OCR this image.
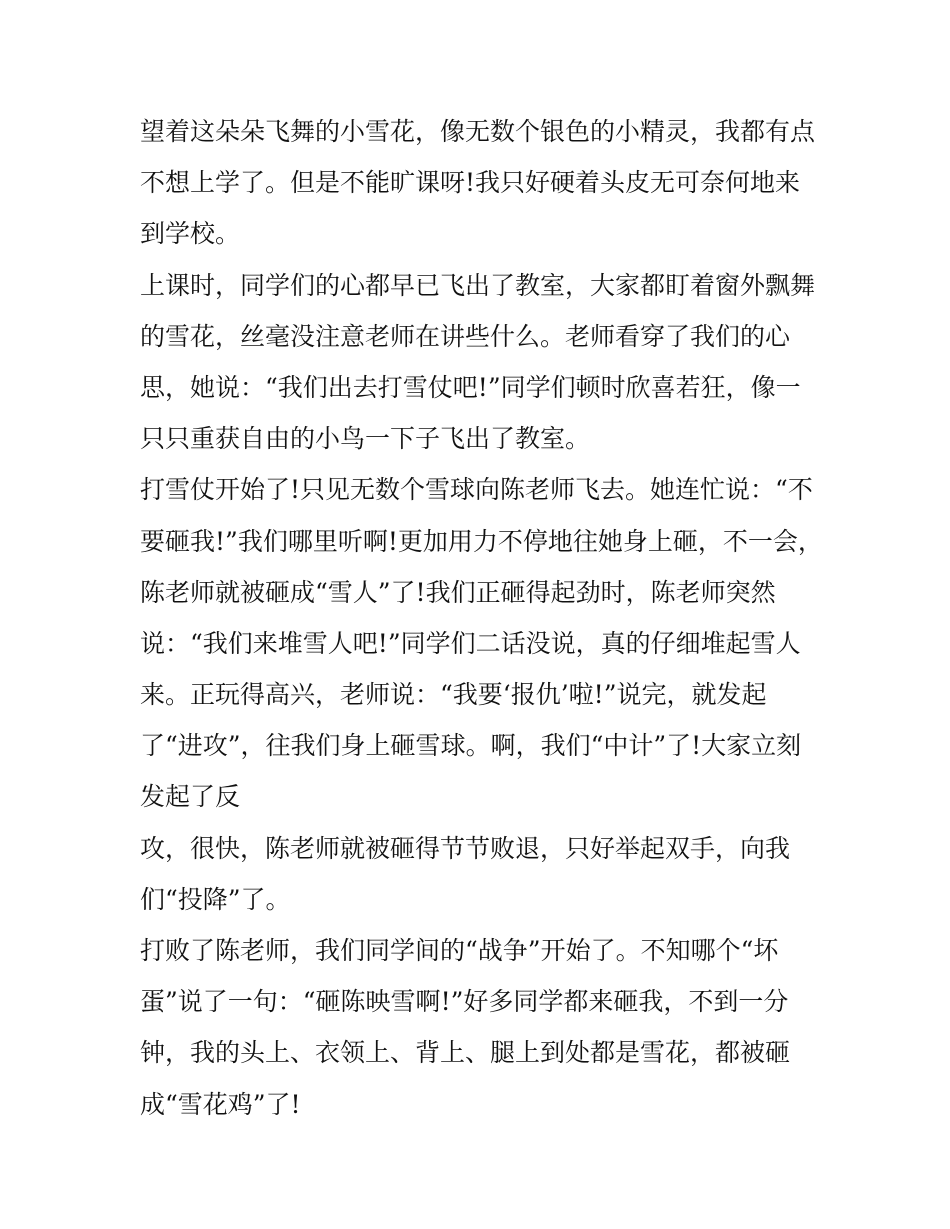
望着这朵朵飞舞的小雪花，像无数个银色的小精灵，我都有点
不想上学了。但是不能旷课呀!我只好硬着头皮无可奈何地来
到学校。
上课时，同学们的心都早已飞出了教室，大家都盯着窗外飘舞
的雪花，丝毫没注意老师在讲些什么。老师看穿了我们的心
思，她说：“我们出去打雪仗吧!”同学们顿时欣喜若狂，像一
只只重获自由的小鸟一下子飞出了教室。
打雪仗开始了!只见无数个雪球向陈老师飞去。她连忙说：“不
要砸我!”我们哪里听啊!更加用力不停地往她身上砸，不一会，
陈老师就被砸成“雪人”了!我们正砸得起劲时，陈老师突然
说：“我们来堆雪人吧!”同学们二话没说，真的仔细堆起雪人
来。正玩得高兴，老师说：“我要‘报仇’啦!”说完，就发起
了“进攻”，往我们身上砸雪球。啊，我们“中计”了!大家立刻
发起了反
攻，很快，陈老师就被砸得节节败退，只好举起双手，向我
们“投降”了。
打败了陈老师，我们同学间的“战争”开始了。不知哪个“坏
蛋”说了一句：“砸陈映雪啊!”好多同学都来砸我，不到一分
钟，我的头上、衣领上、背上、腿上到处都是雪花，都被砸
成“雪花鸡”了!
